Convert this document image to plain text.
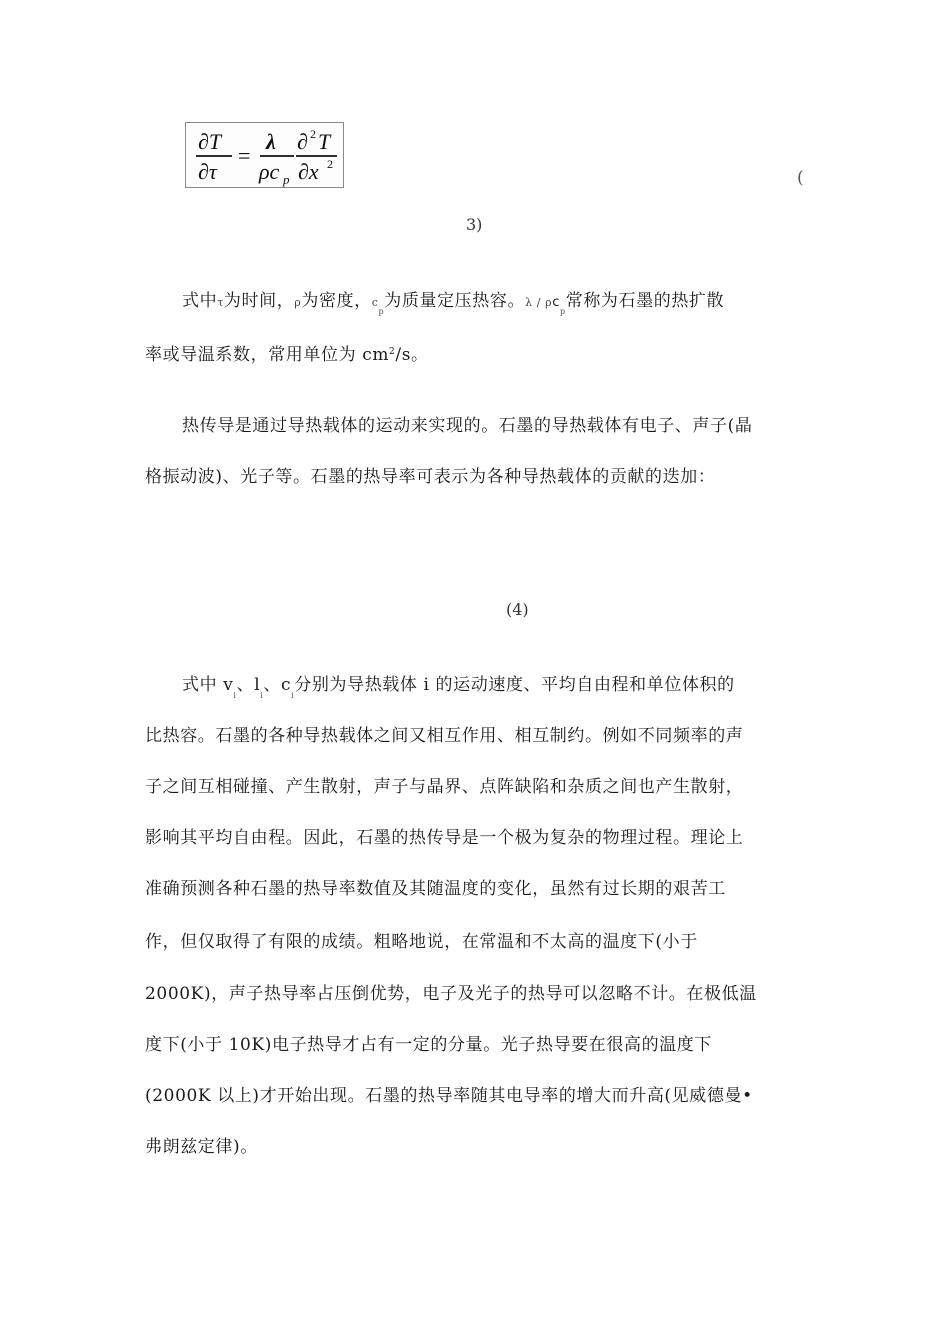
∂T
∂τ
=
λ
ρc p
∂ 2 T
∂x 2
(
3)
式中τ为时间，ρ为密度，$c_p$为质量定压热容。λ / $\rho c_p$常称为石墨的热扩散
率或导温系数，常用单位为 $cm^2/s$。
热传导是通过导热载体的运动来实现的。石墨的导热载体有电子、声子(晶
格振动波)、光子等。石墨的热导率可表示为各种导热载体的贡献的迭加：
(4)
式中 $v_i$、$l_i$、$c_i$分别为导热载体 i 的运动速度、平均自由程和单位体积的
比热容。石墨的各种导热载体之间又相互作用、相互制约。例如不同频率的声
子之间互相碰撞、产生散射，声子与晶界、点阵缺陷和杂质之间也产生散射，
影响其平均自由程。因此，石墨的热传导是一个极为复杂的物理过程。理论上
准确预测各种石墨的热导率数值及其随温度的变化，虽然有过长期的艰苦工
作，但仅取得了有限的成绩。粗略地说，在常温和不太高的温度下(小于
2000K)，声子热导率占压倒优势，电子及光子的热导可以忽略不计。在极低温
度下(小于 10K)电子热导才占有一定的分量。光子热导要在很高的温度下
(2000K 以上)才开始出现。石墨的热导率随其电导率的增大而升高(见威德曼•
弗朗兹定律)。
